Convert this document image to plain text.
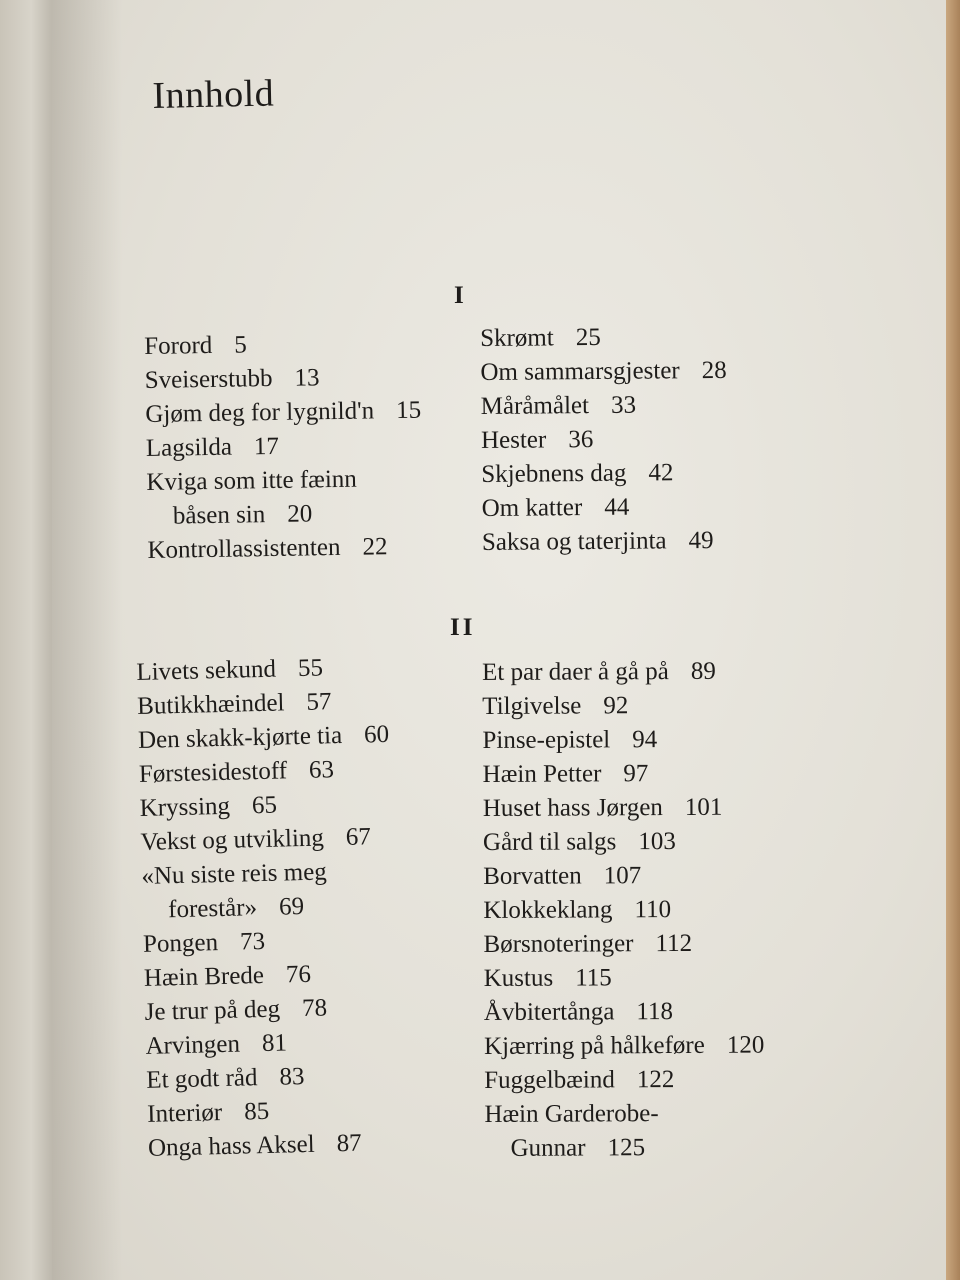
Innhold
I
Forord 5
Sveiserstubb 13
Gjøm deg for lygnild'n 15
Lagsilda 17
Kviga som itte fæinn
båsen sin 20
Kontrollassistenten 22
Skrømt 25
Om sammarsgjester 28
Måråmålet 33
Hester 36
Skjebnens dag 42
Om katter 44
Saksa og taterjinta 49
II
Livets sekund 55
Butikkhæindel 57
Den skakk-kjørte tia 60
Førstesidestoff 63
Kryssing 65
Vekst og utvikling 67
«Nu siste reis meg
forestår» 69
Pongen 73
Hæin Brede 76
Je trur på deg 78
Arvingen 81
Et godt råd 83
Interiør 85
Onga hass Aksel 87
Et par daer å gå på 89
Tilgivelse 92
Pinse-epistel 94
Hæin Petter 97
Huset hass Jørgen 101
Gård til salgs 103
Borvatten 107
Klokkeklang 110
Børsnoteringer 112
Kustus 115
Åvbitertånga 118
Kjærring på hålkeføre 120
Fuggelbæind 122
Hæin Garderobe-
Gunnar 125
